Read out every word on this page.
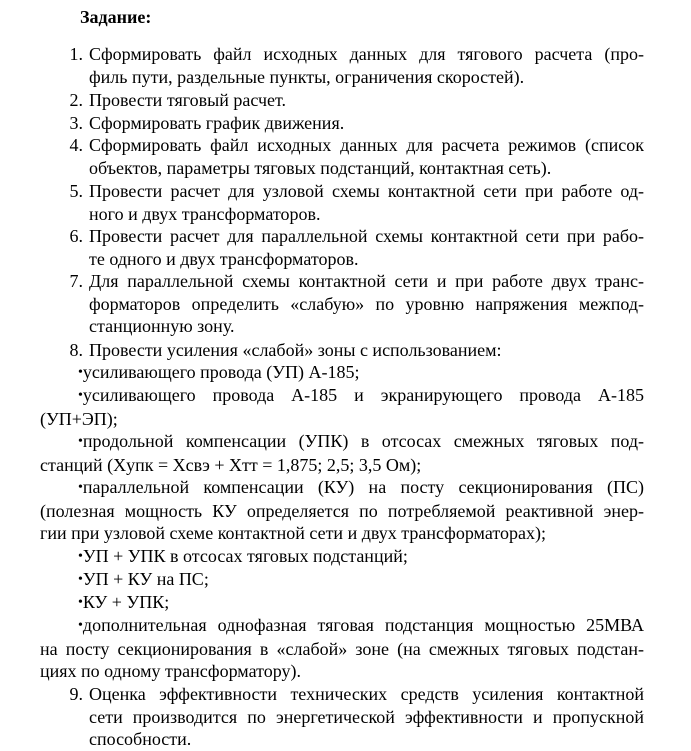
Задание:
1. Сформировать файл исходных данных для тягового расчета (про-
филь пути, раздельные пункты, ограничения скоростей).
2. Провести тяговый расчет.
3. Сформировать график движения.
4. Сформировать файл исходных данных для расчета режимов (список
объектов, параметры тяговых подстанций, контактная сеть).
5. Провести расчет для узловой схемы контактной сети при работе од-
ного и двух трансформаторов.
6. Провести расчет для параллельной схемы контактной сети при рабо-
те одного и двух трансформаторов.
7. Для параллельной схемы контактной сети и при работе двух транс-
форматоров определить «слабую» по уровню напряжения межпод-
станционную зону.
8. Провести усиления «слабой» зоны с использованием:
•усиливающего провода (УП) А-185;
•усиливающего провода А-185 и экранирующего провода А-185
(УП+ЭП);
•продольной компенсации (УПК) в отсосах смежных тяговых под-
станций (Xупк = Xсвэ + Xтт = 1,875; 2,5; 3,5 Ом);
•параллельной компенсации (КУ) на посту секционирования (ПС)
(полезная мощность КУ определяется по потребляемой реактивной энер-
гии при узловой схеме контактной сети и двух трансформаторах);
•УП + УПК в отсосах тяговых подстанций;
•УП + КУ на ПС;
•КУ + УПК;
•дополнительная однофазная тяговая подстанция мощностью 25МВА
на посту секционирования в «слабой» зоне (на смежных тяговых подстан-
циях по одному трансформатору).
9. Оценка эффективности технических средств усиления контактной
сети производится по энергетической эффективности и пропускной
способности.
